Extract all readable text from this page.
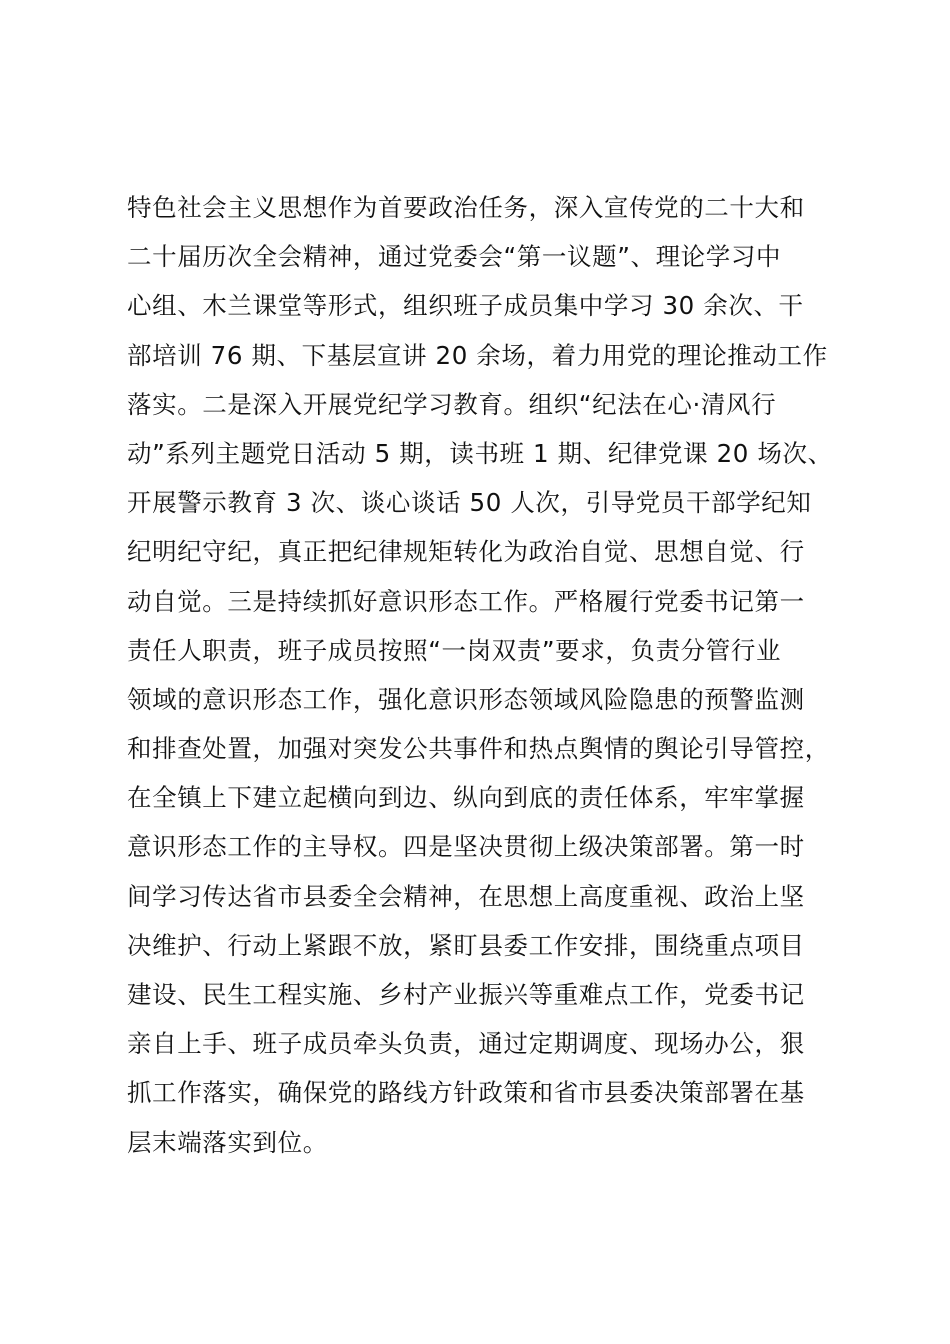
特色社会主义思想作为首要政治任务，深入宣传党的二十大和
二十届历次全会精神，通过党委会“第一议题”、理论学习中
心组、木兰课堂等形式，组织班子成员集中学习 30 余次、干
部培训 76 期、下基层宣讲 20 余场，着力用党的理论推动工作
落实。二是深入开展党纪学习教育。组织“纪法在心·清风行
动”系列主题党日活动 5 期，读书班 1 期、纪律党课 20 场次、
开展警示教育 3 次、谈心谈话 50 人次，引导党员干部学纪知
纪明纪守纪，真正把纪律规矩转化为政治自觉、思想自觉、行
动自觉。三是持续抓好意识形态工作。严格履行党委书记第一
责任人职责，班子成员按照“一岗双责”要求，负责分管行业
领域的意识形态工作，强化意识形态领域风险隐患的预警监测
和排查处置，加强对突发公共事件和热点舆情的舆论引导管控，
在全镇上下建立起横向到边、纵向到底的责任体系，牢牢掌握
意识形态工作的主导权。四是坚决贯彻上级决策部署。第一时
间学习传达省市县委全会精神，在思想上高度重视、政治上坚
决维护、行动上紧跟不放，紧盯县委工作安排，围绕重点项目
建设、民生工程实施、乡村产业振兴等重难点工作，党委书记
亲自上手、班子成员牵头负责，通过定期调度、现场办公，狠
抓工作落实，确保党的路线方针政策和省市县委决策部署在基
层末端落实到位。
